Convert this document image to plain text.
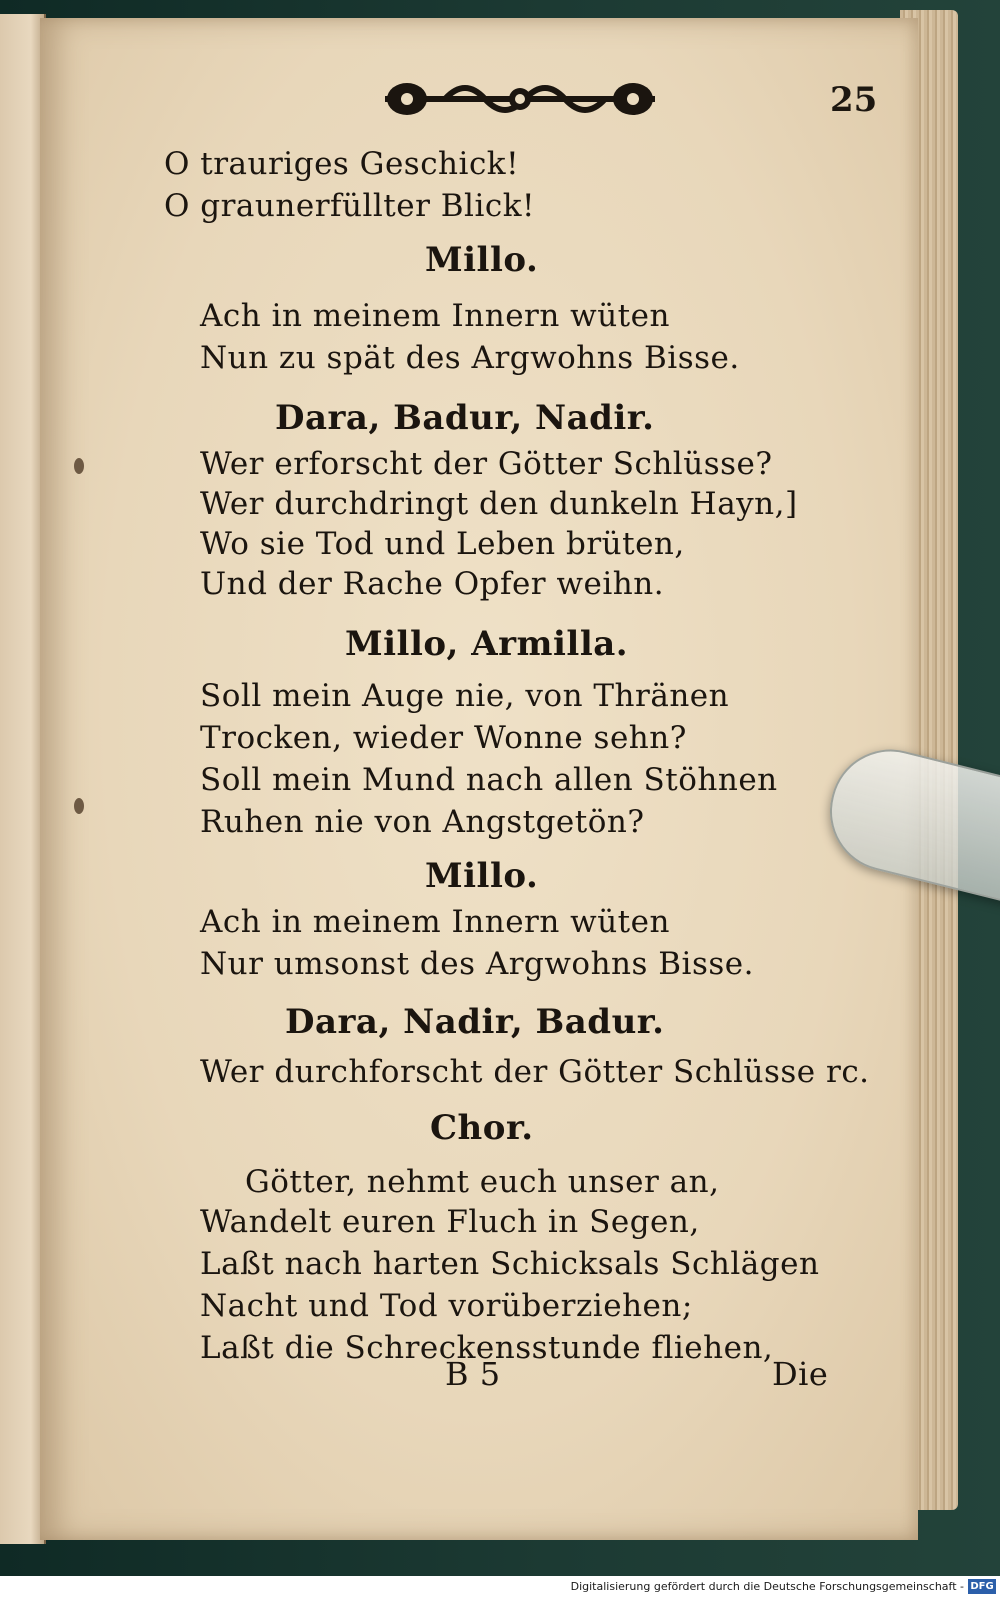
25
O trauriges Geschick!
O graunerfüllter Blick!
Millo.
Ach in meinem Innern wüten
Nun zu spät des Argwohns Bisse.
Dara, Badur, Nadir.
Wer erforscht der Götter Schlüsse?
Wer durchdringt den dunkeln Hayn,]
Wo sie Tod und Leben brüten,
Und der Rache Opfer weihn.
Millo, Armilla.
Soll mein Auge nie, von Thränen
Trocken, wieder Wonne sehn?
Soll mein Mund nach allen Stöhnen
Ruhen nie von Angstgetön?
Millo.
Ach in meinem Innern wüten
Nur umsonst des Argwohns Bisse.
Dara, Nadir, Badur.
Wer durchforscht der Götter Schlüsse rc.
Chor.
Götter, nehmt euch unser an,
Wandelt euren Fluch in Segen,
Laßt nach harten Schicksals Schlägen
Nacht und Tod vorüberziehen;
Laßt die Schreckensstunde fliehen,
B 5	Die
Digitalisierung gefördert durch die Deutsche Forschungsgemeinschaft - DFG
